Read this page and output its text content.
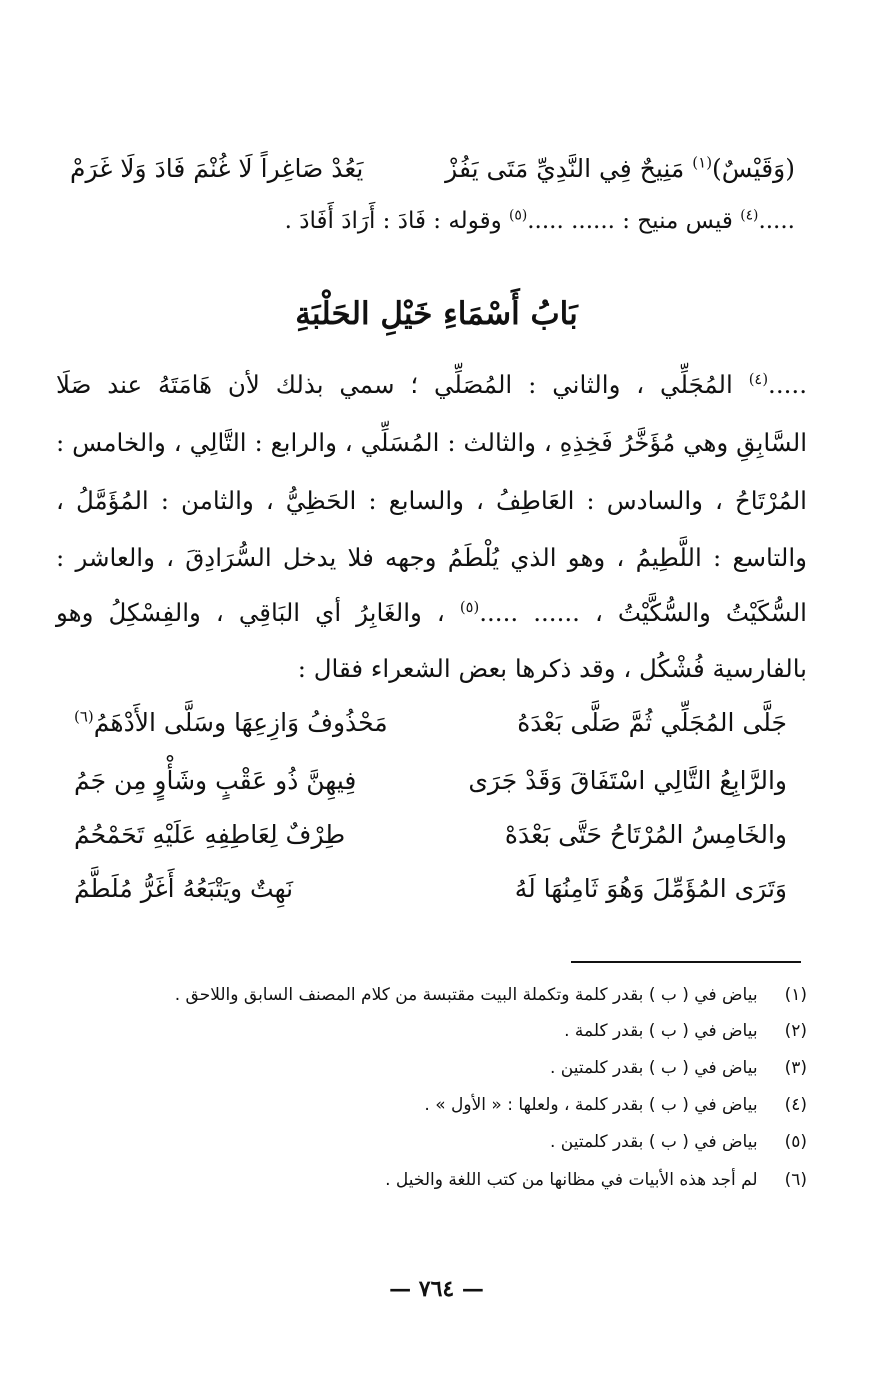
(وَقَيْسٌ)$^{(١)}$ مَنِيحٌ فِي النَّدِيِّ مَتَى يَفُزْ
يَعُدْ صَاغِراً لَا غُنْمَ فَادَ وَلَا غَرَمْ
.....$^{(٤)}$ قيس منيح : ...... .....$^{(٥)}$ وقوله : فَادَ : أَرَادَ أَفَادَ .
بَابُ أَسْمَاءِ خَيْلِ الحَلْبَةِ
.....$^{(٤)}$ المُجَلِّي ، والثاني : المُصَلِّي ؛ سمي بذلك لأن هَامَتَهُ عند صَلَا
السَّابِقِ وهي مُؤَخَّرُ فَخِذِهِ ، والثالث : المُسَلِّي ، والرابع : التَّالِي ، والخامس :
المُرْتَاحُ ، والسادس : العَاطِفُ ، والسابع : الحَظِيُّ ، والثامن : المُؤَمَّلُ ،
والتاسع : اللَّطِيمُ ، وهو الذي يُلْطَمُ وجهه فلا يدخل السُّرَادِقَ ، والعاشر :
السُّكَيْتُ والسُّكَّيْتُ ، ...... .....$^{(٥)}$ ، والغَابِرُ أي البَاقِي ، والفِسْكِلُ وهو
بالفارسية فُشْكُل ، وقد ذكرها بعض الشعراء فقال :
جَلَّى المُجَلِّي ثُمَّ صَلَّى بَعْدَهُ
مَحْذُوفُ وَازِعِهَا وسَلَّى الأَدْهَمُ$^{(٦)}$
والرَّابِعُ التَّالِي اسْتَفَاقَ وَقَدْ جَرَى
فِيهِنَّ ذُو عَقْبٍ وشَأْوٍ مِن جَمُ
والخَامِسُ المُرْتَاحُ حَتَّى بَعْدَهْ
طِرْفٌ لِعَاطِفِهِ عَلَيْهِ تَحَمْحُمُ
وَتَرَى المُؤَمِّلَ وَهُوَ ثَامِنُهَا لَهُ
نَهِتٌ ويَتْبَعُهُ أَغَرُّ مُلَطَّمُ
(١) بياض في ( ب ) بقدر كلمة وتكملة البيت مقتبسة من كلام المصنف السابق واللاحق .
(٢) بياض في ( ب ) بقدر كلمة .
(٣) بياض في ( ب ) بقدر كلمتين .
(٤) بياض في ( ب ) بقدر كلمة ، ولعلها : « الأول » .
(٥) بياض في ( ب ) بقدر كلمتين .
(٦) لم أجد هذه الأبيات في مظانها من كتب اللغة والخيل .
— ٧٦٤ —
